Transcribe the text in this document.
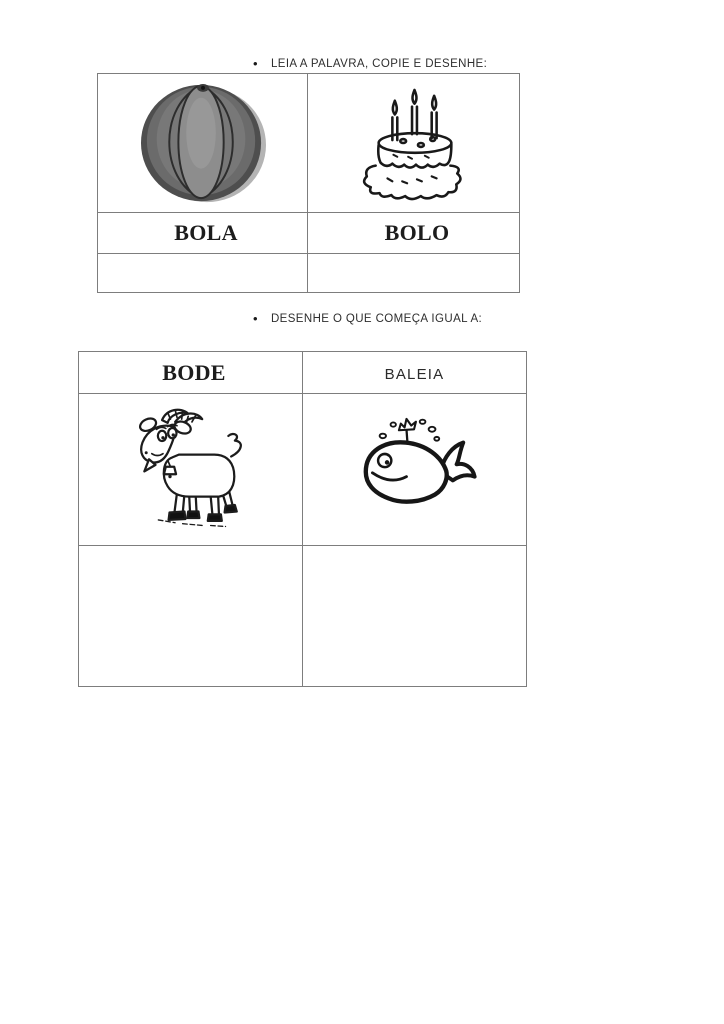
• LEIA A PALAVRA, COPIE E DESENHE:
BOLA	BOLO
• DESENHE O QUE COMEÇA IGUAL A:
BODE	BALEIA
